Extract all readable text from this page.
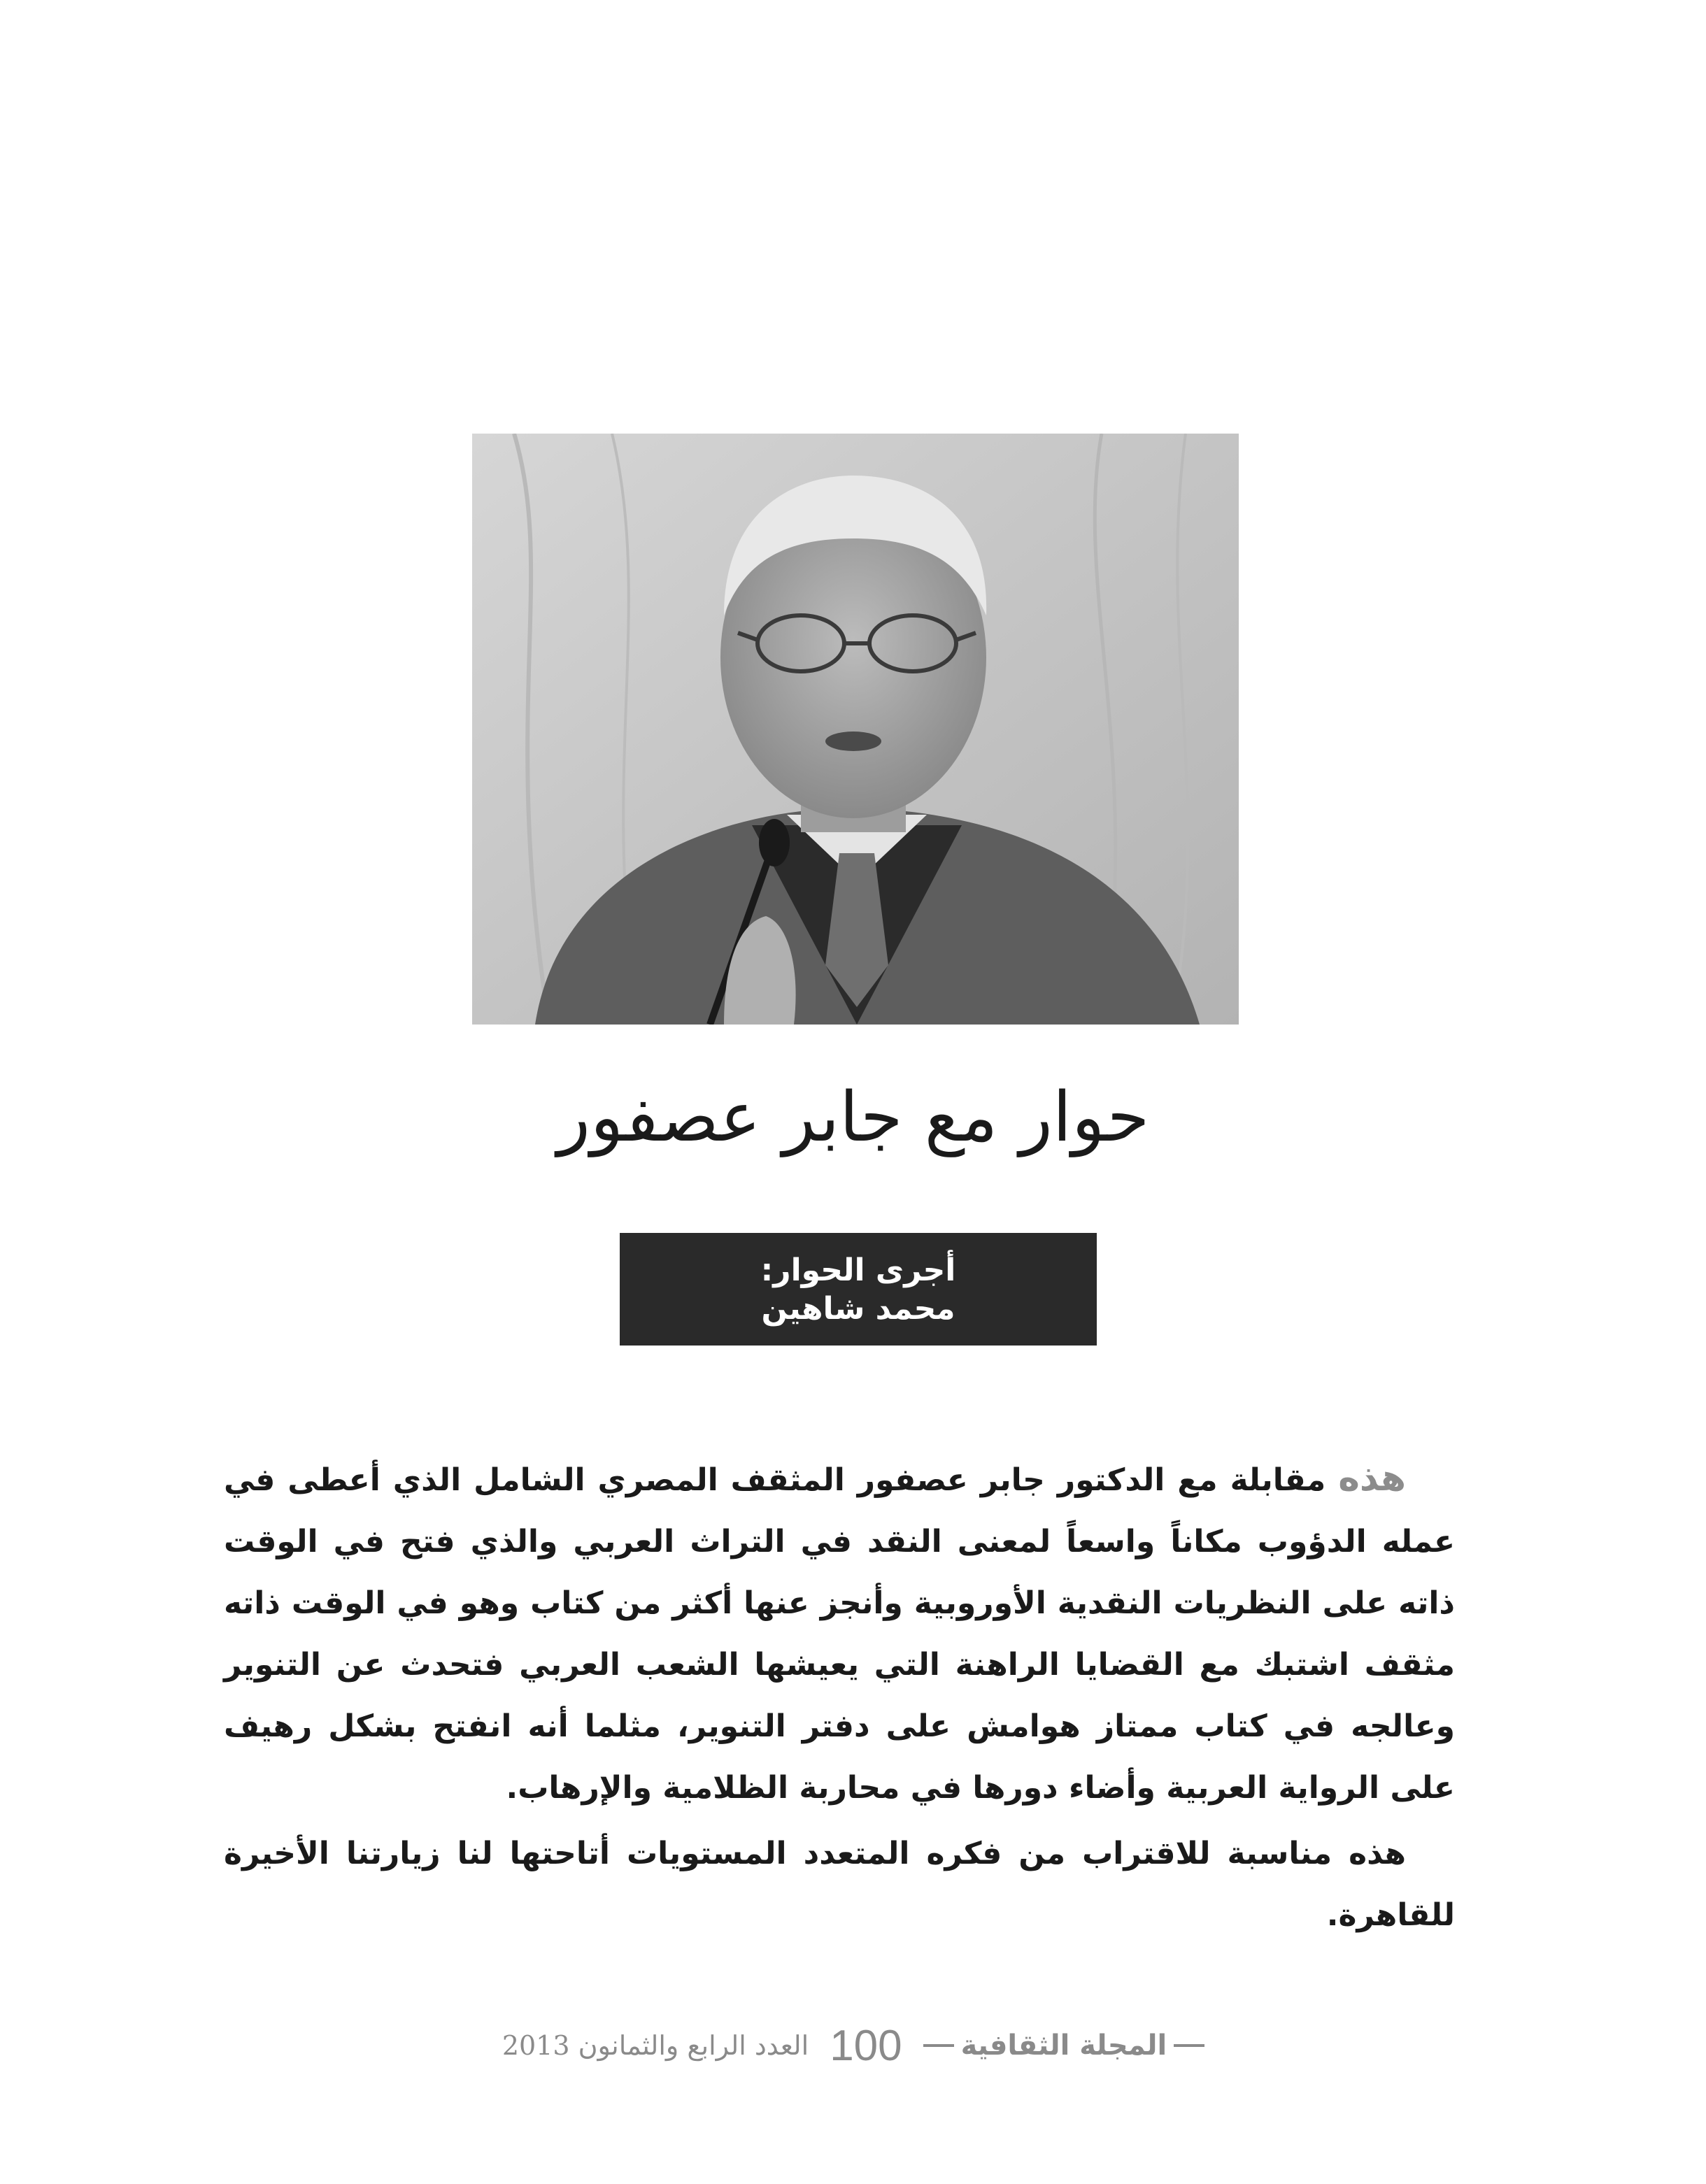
حوار مع جابر عصفور
أجرى الحوار:
محمد شاهين

هذه مقابلة مع الدكتور جابر عصفور المثقف المصري الشامل الذي أعطى في عمله الدؤوب مكاناً واسعاً لمعنى النقد في التراث العربي والذي فتح في الوقت ذاته على النظريات النقدية الأوروبية وأنجز عنها أكثر من كتاب وهو في الوقت ذاته مثقف اشتبك مع القضايا الراهنة التي يعيشها الشعب العربي فتحدث عن التنوير وعالجه في كتاب ممتاز هوامش على دفتر التنوير، مثلما أنه انفتح بشكل رهيف على الرواية العربية وأضاء دورها في محاربة الظلامية والإرهاب.

هذه مناسبة للاقتراب من فكره المتعدد المستويات أتاحتها لنا زيارتنا الأخيرة للقاهرة.

المجلة الثقافية
100
العدد الرابع والثمانون 2013
